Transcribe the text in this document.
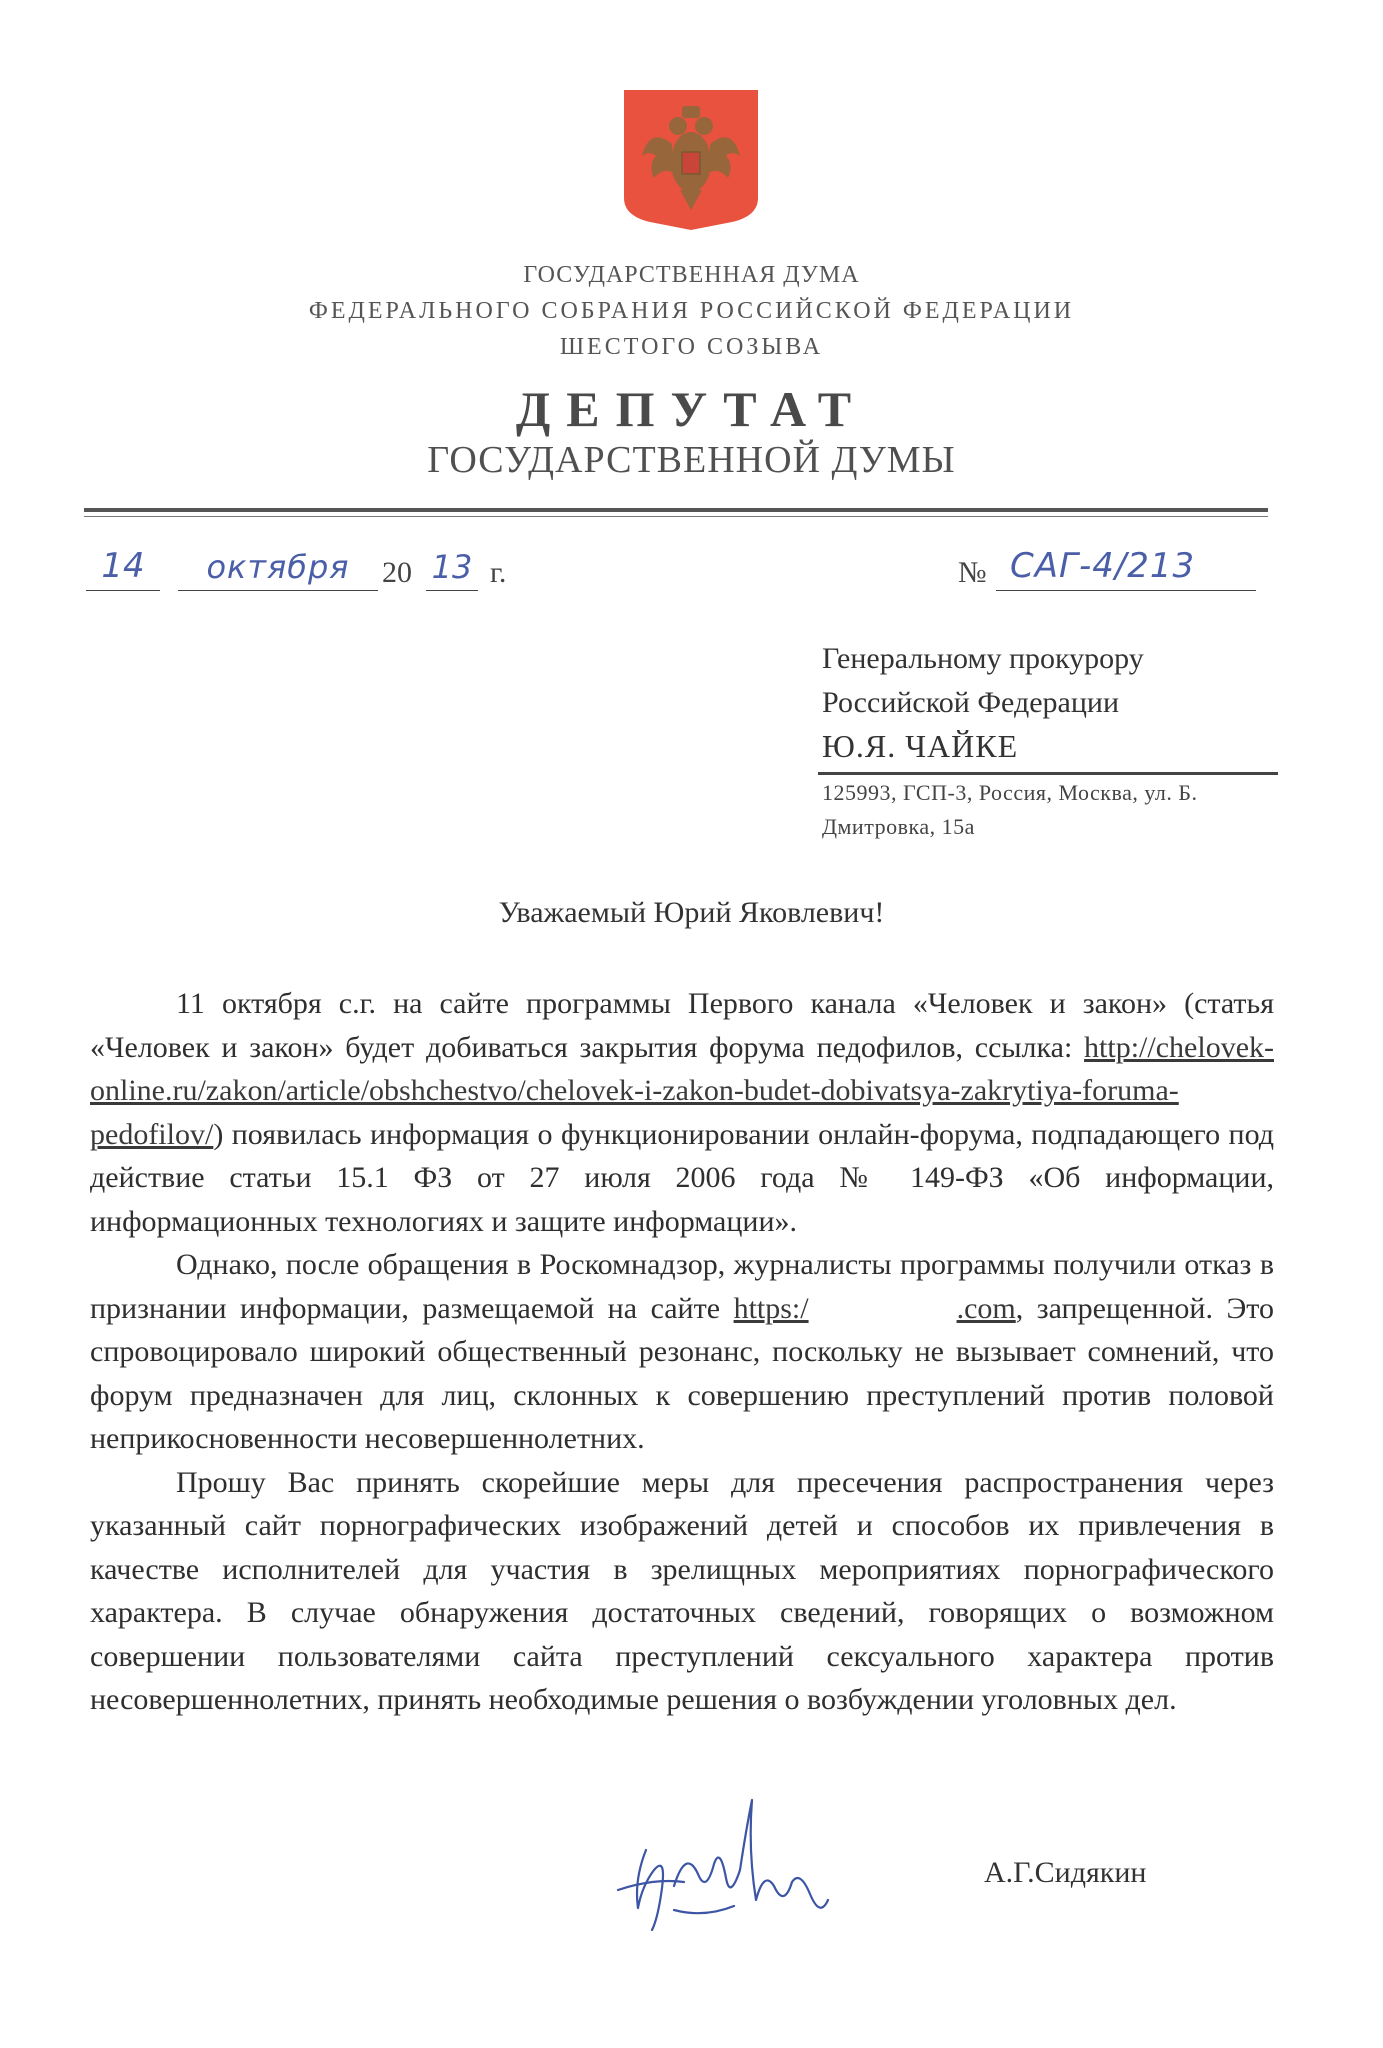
ГОСУДАРСТВЕННАЯ ДУМА
ФЕДЕРАЛЬНОГО СОБРАНИЯ РОССИЙСКОЙ ФЕДЕРАЦИИ
ШЕСТОГО СОЗЫВА
ДЕПУТАТ
ГОСУДАРСТВЕННОЙ ДУМЫ
14	октября	20 13 г.	№ САГ-4/213
Генеральному прокурору
Российской Федерации
Ю.Я. ЧАЙКЕ
125993, ГСП-3, Россия, Москва, ул. Б.
Дмитровка, 15а
Уважаемый Юрий Яковлевич!

11 октября с.г. на сайте программы Первого канала «Человек и закон» (статья «Человек и закон» будет добиваться закрытия форума педофилов, ссылка: http://chelovek-online.ru/zakon/article/obshchestvo/chelovek-i-zakon-budet-dobivatsya-zakrytiya-foruma-pedofilov/) появилась информация о функционировании онлайн-форума, подпадающего под действие статьи 15.1 ФЗ от 27 июля 2006 года № 149-ФЗ «Об информации, информационных технологиях и защите информации».

Однако, после обращения в Роскомнадзор, журналисты программы получили отказ в признании информации, размещаемой на сайте https:/	.com, запрещенной. Это спровоцировало широкий общественный резонанс, поскольку не вызывает сомнений, что форум предназначен для лиц, склонных к совершению преступлений против половой неприкосновенности несовершеннолетних.

Прошу Вас принять скорейшие меры для пресечения распространения через указанный сайт порнографических изображений детей и способов их привлечения в качестве исполнителей для участия в зрелищных мероприятиях порнографического характера. В случае обнаружения достаточных сведений, говорящих о возможном совершении пользователями сайта преступлений сексуального характера против несовершеннолетних, принять необходимые решения о возбуждении уголовных дел.

А.Г.Сидякин
